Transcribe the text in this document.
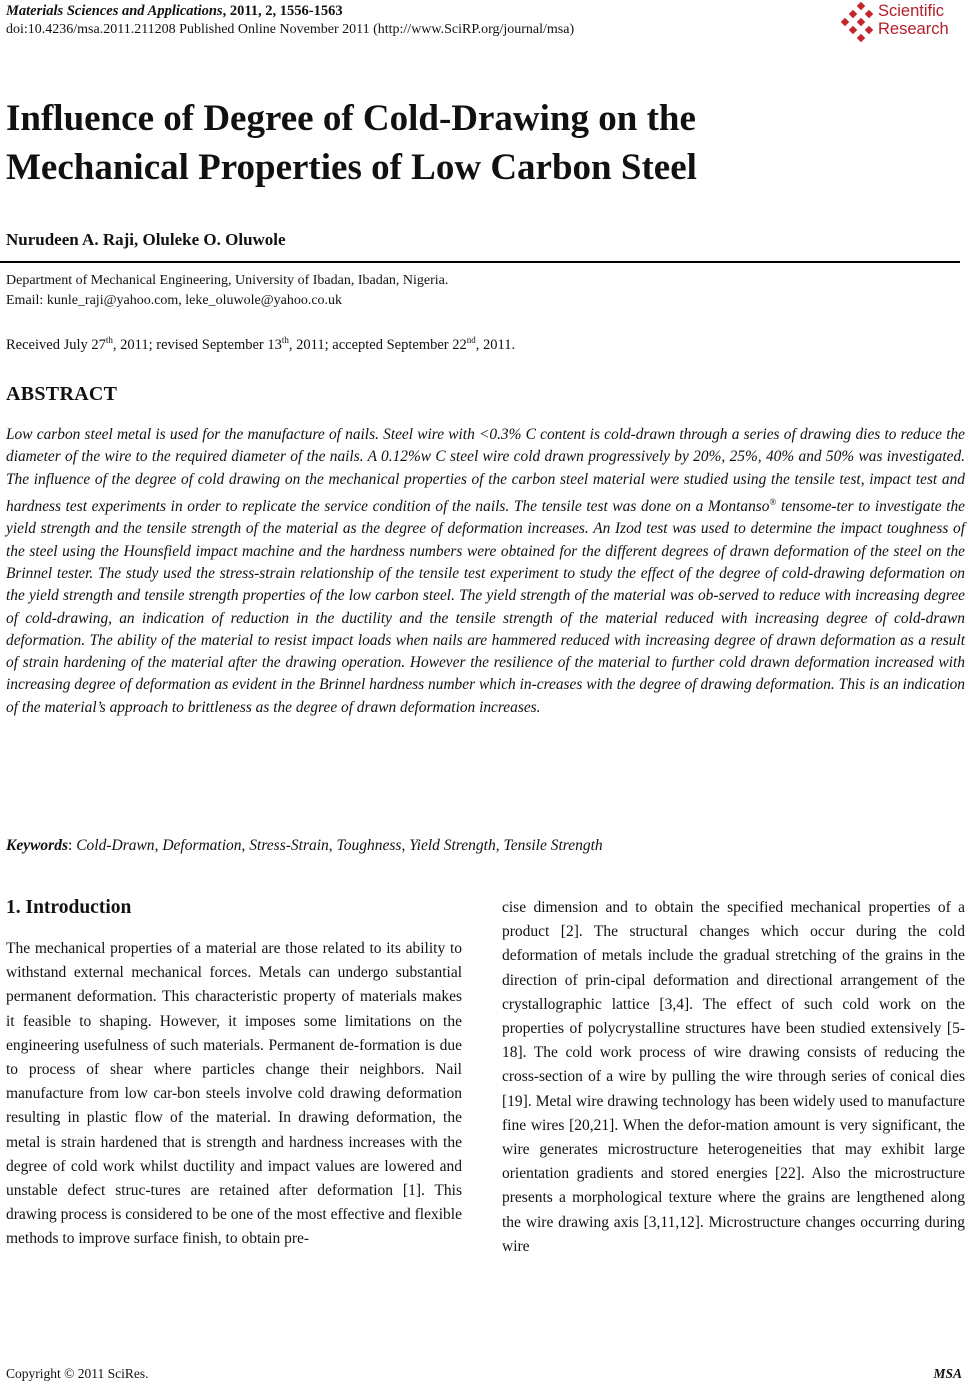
Materials Sciences and Applications, 2011, 2, 1556-1563
doi:10.4236/msa.2011.211208 Published Online November 2011 (http://www.SciRP.org/journal/msa)
Scientific
Research
Influence of Degree of Cold-Drawing on the
Mechanical Properties of Low Carbon Steel
Nurudeen A. Raji, Oluleke O. Oluwole
Department of Mechanical Engineering, University of Ibadan, Ibadan, Nigeria.
Email: kunle_raji@yahoo.com, leke_oluwole@yahoo.co.uk
Received July 27th, 2011; revised September 13th, 2011; accepted September 22nd, 2011.
ABSTRACT

Low carbon steel metal is used for the manufacture of nails. Steel wire with <0.3% C content is cold-drawn through a series of drawing dies to reduce the diameter of the wire to the required diameter of the nails. A 0.12%w C steel wire cold drawn progressively by 20%, 25%, 40% and 50% was investigated. The influence of the degree of cold drawing on the mechanical properties of the carbon steel material were studied using the tensile test, impact test and hardness test experiments in order to replicate the service condition of the nails. The tensile test was done on a Montanso® tensome-ter to investigate the yield strength and the tensile strength of the material as the degree of deformation increases. An Izod test was used to determine the impact toughness of the steel using the Hounsfield impact machine and the hardness numbers were obtained for the different degrees of drawn deformation of the steel on the Brinnel tester. The study used the stress-strain relationship of the tensile test experiment to study the effect of the degree of cold-drawing deformation on the yield strength and tensile strength properties of the low carbon steel. The yield strength of the material was ob-served to reduce with increasing degree of cold-drawing, an indication of reduction in the ductility and the tensile strength of the material reduced with increasing degree of cold-drawn deformation. The ability of the material to resist impact loads when nails are hammered reduced with increasing degree of drawn deformation as a result of strain hardening of the material after the drawing operation. However the resilience of the material to further cold drawn deformation increased with increasing degree of deformation as evident in the Brinnel hardness number which in-creases with the degree of drawing deformation. This is an indication of the material’s approach to brittleness as the degree of drawn deformation increases.

Keywords: Cold-Drawn, Deformation, Stress-Strain, Toughness, Yield Strength, Tensile Strength
1. Introduction

The mechanical properties of a material are those related to its ability to withstand external mechanical forces. Metals can undergo substantial permanent deformation. This characteristic property of materials makes it feasible to shaping. However, it imposes some limitations on the engineering usefulness of such materials. Permanent de-formation is due to process of shear where particles change their neighbors. Nail manufacture from low car-bon steels involve cold drawing deformation resulting in plastic flow of the material. In drawing deformation, the metal is strain hardened that is strength and hardness increases with the degree of cold work whilst ductility and impact values are lowered and unstable defect struc-tures are retained after deformation [1]. This drawing process is considered to be one of the most effective and flexible methods to improve surface finish, to obtain pre-

cise dimension and to obtain the specified mechanical properties of a product [2]. The structural changes which occur during the cold deformation of metals include the gradual stretching of the grains in the direction of prin-cipal deformation and directional arrangement of the crystallographic lattice [3,4]. The effect of such cold work on the properties of polycrystalline structures have been studied extensively [5-18]. The cold work process of wire drawing consists of reducing the cross-section of a wire by pulling the wire through series of conical dies [19]. Metal wire drawing technology has been widely used to manufacture fine wires [20,21]. When the defor-mation amount is very significant, the wire generates microstructure heterogeneities that may exhibit large orientation gradients and stored energies [22]. Also the microstructure presents a morphological texture where the grains are lengthened along the wire drawing axis [3,11,12]. Microstructure changes occurring during wire

Copyright © 2011 SciRes.	MSA
